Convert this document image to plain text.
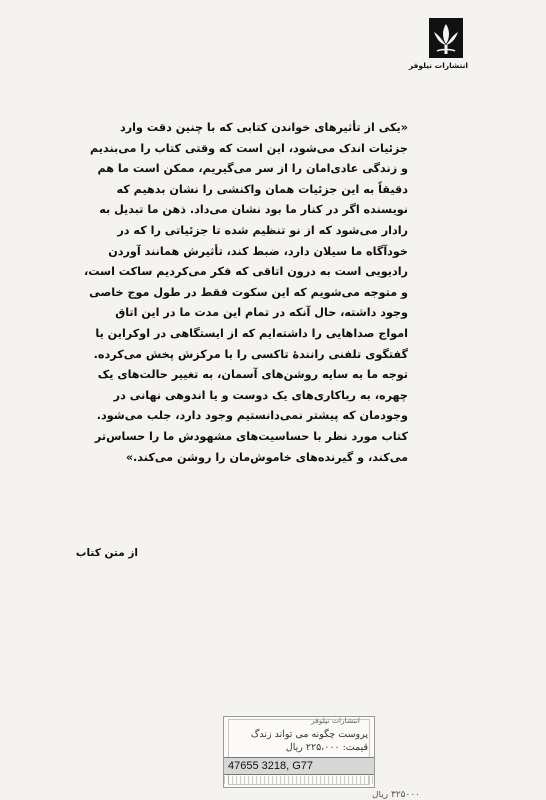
انتشارات نیلوفر
«یکی از تأثیرهای خواندن کتابی که با چنین دقت وارد
جزئیات اندک می‌شود، این است که وقتی کتاب را می‌بندیم
و زندگی عادی‌امان را از سر می‌گیریم، ممکن است ما هم
دقیقاً به این جزئیات همان واکنشی را نشان بدهیم که
نویسنده اگر در کنار ما بود نشان می‌داد. ذهن ما تبدیل به
رادار می‌شود که از نو تنظیم شده تا جزئیاتی را که در
خودآگاه ما سیلان دارد، ضبط کند، تأثیرش همانند آوردن
رادیویی است به درون اتاقی که فکر می‌کردیم ساکت است،
و متوجه می‌شویم که این سکوت فقط در طول موج خاصی
وجود داشته، حال آنکه در تمام این مدت ما در این اتاق
امواج صداهایی را داشته‌ایم که از ایستگاهی در اوکراین یا
گفتگوی تلفنی رانندهٔ تاکسی را با مرکزش پخش می‌کرده.
توجه ما به سایه روشن‌های آسمان، به تغییر حالت‌های یک
چهره، به ریاکاری‌های یک دوست و یا اندوهی نهانی در
وجودمان که پیشتر نمی‌دانستیم وجود دارد، جلب می‌شود.
کتاب مورد نظر با حساسیت‌های مشهودش ما را حساس‌تر
می‌کند، و گیرنده‌های خاموش‌مان را روشن می‌کند.»
از متن کتاب
انتشارات نیلوفر
پروست چگونه می تواند زندگ
قیمت: ۲۲۵،۰۰۰ ریال
47655 3218, G77
۳۲۵۰۰۰ ریال
